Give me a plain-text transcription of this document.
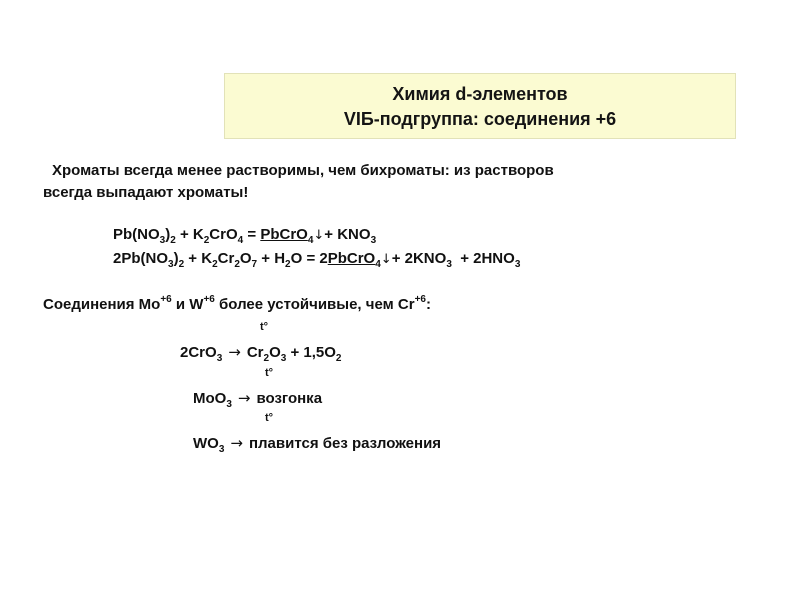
Химия d-элементов
VIБ-подгруппа: соединения +6
Хроматы всегда менее растворимы, чем бихроматы: из растворов
всегда выпадают хроматы!
$Pb(NO_3)_2 + K_2CrO_4$ = PbCrO$_4$↓+ $KNO_3$
$2Pb(NO_3)_2 + K_2Cr_2O_7 + H_2O$ = 2PbCrO$_4$↓+ $2KNO_3 + 2HNO_3$
Соединения $Mo^{+6}$ и $W^{+6}$ более устойчивые, чем $Cr^{+6}$:
t°
$2CrO_3 \to Cr_2O_3 + 1,5O_2$
t°
MoO$_3$ → возгонка
t°
$WO_3$ → плавится без разложения
